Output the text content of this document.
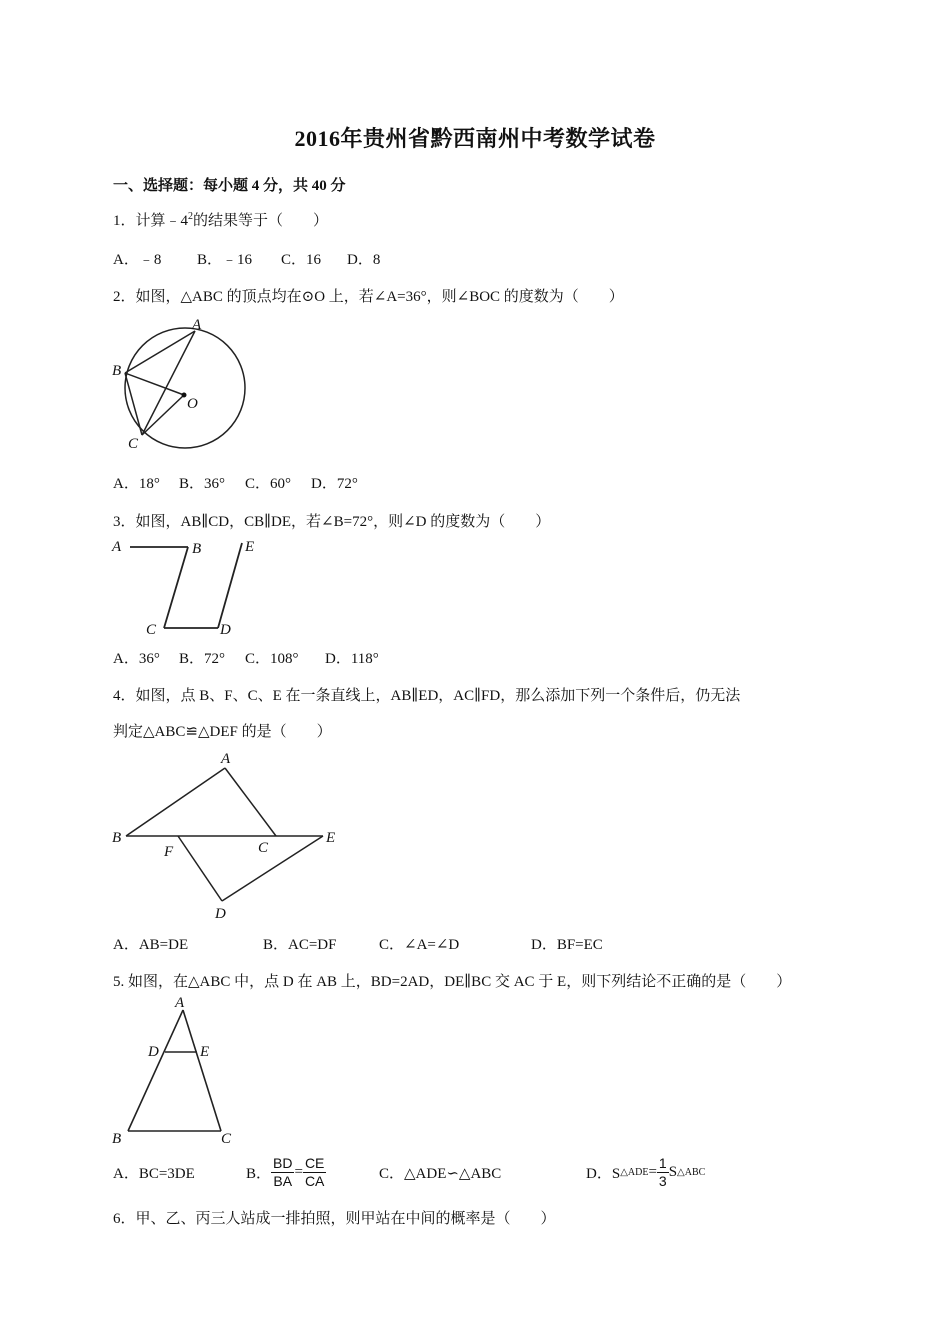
2016年贵州省黔西南州中考数学试卷
一、选择题：每小题 4 分，共 40 分
1．计算$﹣4^2$的结果等于（　　）
A．﹣8 B．﹣16 C．16 D．8
2．如图，△ABC 的顶点均在⊙O 上，若∠A=36°，则∠BOC 的度数为（　　）
A
B
C
O
A．18° B．36° C．60° D．72°
3．如图，AB∥CD，CB∥DE，若∠B=72°，则∠D 的度数为（　　）
A	B
C	D
E
A．36° B．72° C．108° D．118°
4．如图，点 B、F、C、E 在一条直线上，AB∥ED，AC∥FD，那么添加下列一个条件后，仍无法
判定△ABC≌△DEF 的是（　　）
A
B
F	C
E
D
A．AB=DE	B．AC=DF	C．∠A=∠D	D．BF=EC
5. 如图，在△ABC 中，点 D 在 AB 上，BD=2AD，DE∥BC 交 AC 于 E，则下列结论不正确的是（　　）
A
D	E
B	C
A．BC=3DE	B． $\frac{BD}{BA} = \frac{CE}{CA}$	C．△ADE∽△ABC	D．S △ADE = $\frac{1}{3}$ S △ABC
6．甲、乙、丙三人站成一排拍照，则甲站在中间的概率是（　　）
